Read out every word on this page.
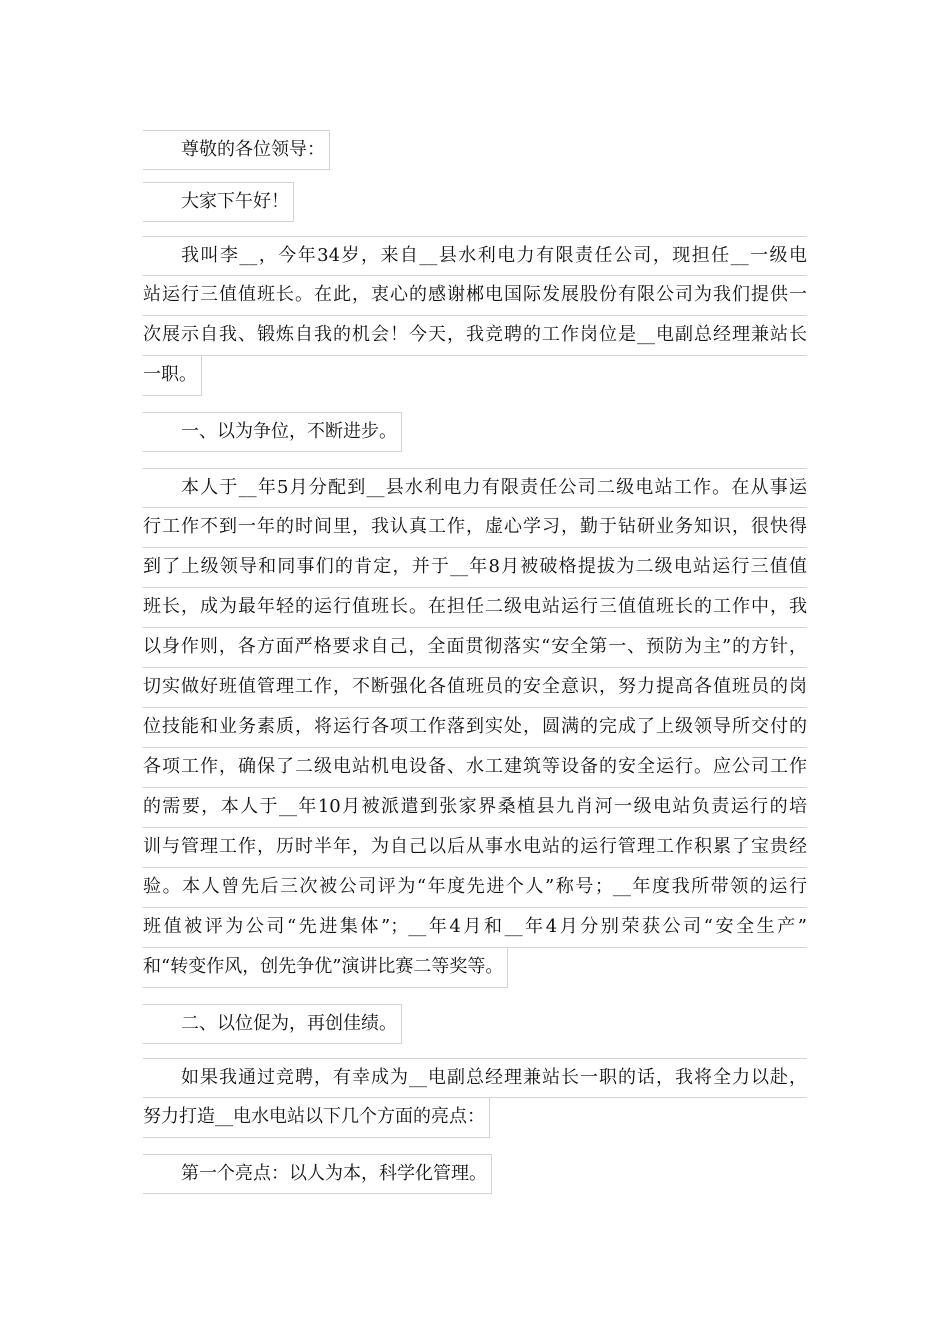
尊敬的各位领导：
大家下午好！
我叫李__，今年34岁，来自__县水利电力有限责任公司，现担任__一级电
站运行三值值班长。在此，衷心的感谢郴电国际发展股份有限公司为我们提供一
次展示自我、锻炼自我的机会！今天，我竞聘的工作岗位是__电副总经理兼站长
一职。
一、以为争位，不断进步。
本人于__年5月分配到__县水利电力有限责任公司二级电站工作。在从事运
行工作不到一年的时间里，我认真工作，虚心学习，勤于钻研业务知识，很快得
到了上级领导和同事们的肯定，并于__年8月被破格提拔为二级电站运行三值值
班长，成为最年轻的运行值班长。在担任二级电站运行三值值班长的工作中，我
以身作则，各方面严格要求自己，全面贯彻落实“安全第一、预防为主”的方针，
切实做好班值管理工作，不断强化各值班员的安全意识，努力提高各值班员的岗
位技能和业务素质，将运行各项工作落到实处，圆满的完成了上级领导所交付的
各项工作，确保了二级电站机电设备、水工建筑等设备的安全运行。应公司工作
的需要，本人于__年10月被派遣到张家界桑植县九肖河一级电站负责运行的培
训与管理工作，历时半年，为自己以后从事水电站的运行管理工作积累了宝贵经
验。本人曾先后三次被公司评为“年度先进个人”称号；__年度我所带领的运行
班值被评为公司“先进集体”；__年4月和__年4月分别荣获公司“安全生产”
和“转变作风，创先争优”演讲比赛二等奖等。
二、以位促为，再创佳绩。
如果我通过竞聘，有幸成为__电副总经理兼站长一职的话，我将全力以赴，
努力打造__电水电站以下几个方面的亮点：
第一个亮点：以人为本，科学化管理。
